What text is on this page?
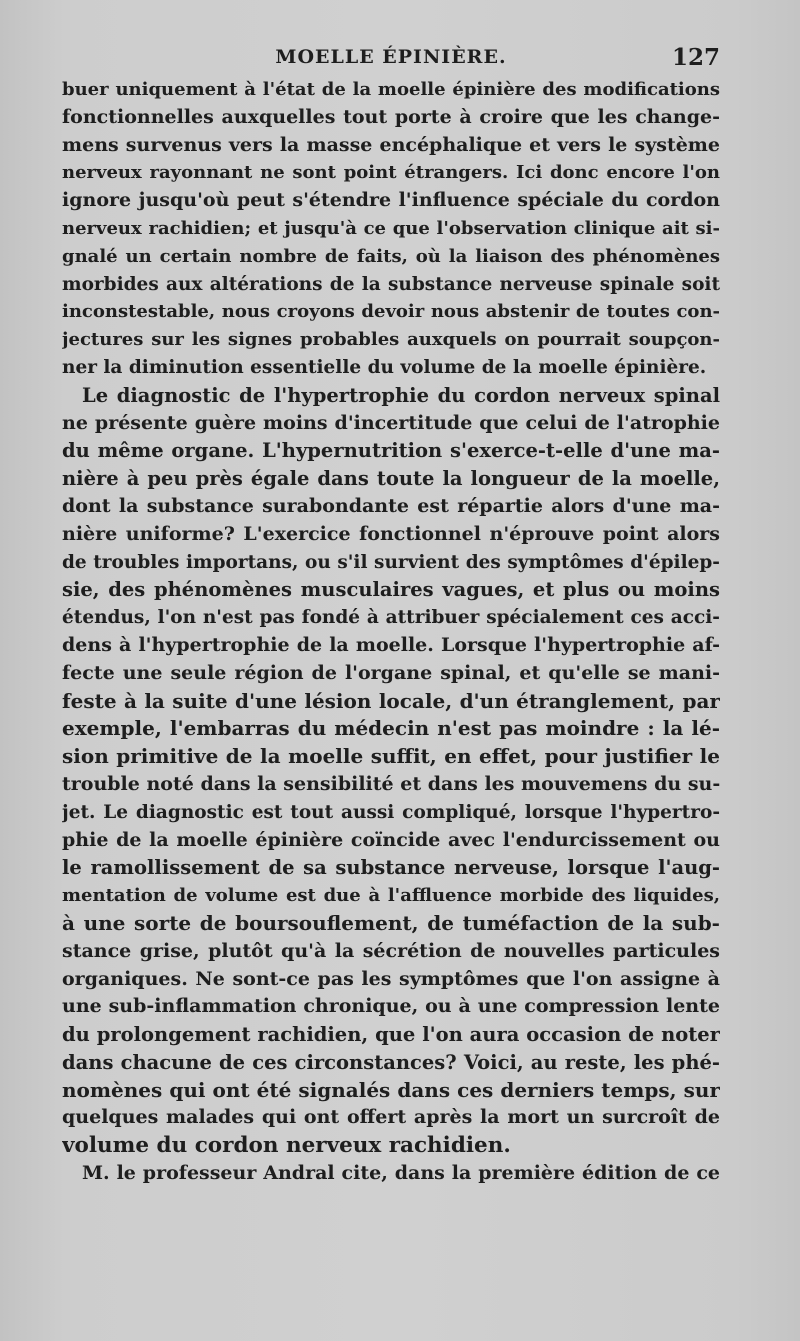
MOELLE ÉPINIÈRE.	127
buer uniquement à l'état de la moelle épinière des modifications
fonctionnelles auxquelles tout porte à croire que les change-
mens survenus vers la masse encéphalique et vers le système
nerveux rayonnant ne sont point étrangers. Ici donc encore l'on
ignore jusqu'où peut s'étendre l'influence spéciale du cordon
nerveux rachidien; et jusqu'à ce que l'observation clinique ait si-
gnalé un certain nombre de faits, où la liaison des phénomènes
morbides aux altérations de la substance nerveuse spinale soit
inconstestable, nous croyons devoir nous abstenir de toutes con-
jectures sur les signes probables auxquels on pourrait soupçon-
ner la diminution essentielle du volume de la moelle épinière.
Le diagnostic de l'hypertrophie du cordon nerveux spinal
ne présente guère moins d'incertitude que celui de l'atrophie
du même organe. L'hypernutrition s'exerce-t-elle d'une ma-
nière à peu près égale dans toute la longueur de la moelle,
dont la substance surabondante est répartie alors d'une ma-
nière uniforme? L'exercice fonctionnel n'éprouve point alors
de troubles importans, ou s'il survient des symptômes d'épilep-
sie, des phénomènes musculaires vagues, et plus ou moins
étendus, l'on n'est pas fondé à attribuer spécialement ces acci-
dens à l'hypertrophie de la moelle. Lorsque l'hypertrophie af-
fecte une seule région de l'organe spinal, et qu'elle se mani-
feste à la suite d'une lésion locale, d'un étranglement, par
exemple, l'embarras du médecin n'est pas moindre : la lé-
sion primitive de la moelle suffit, en effet, pour justifier le
trouble noté dans la sensibilité et dans les mouvemens du su-
jet. Le diagnostic est tout aussi compliqué, lorsque l'hypertro-
phie de la moelle épinière coïncide avec l'endurcissement ou
le ramollissement de sa substance nerveuse, lorsque l'aug-
mentation de volume est due à l'affluence morbide des liquides,
à une sorte de boursouflement, de tuméfaction de la sub-
stance grise, plutôt qu'à la sécrétion de nouvelles particules
organiques. Ne sont-ce pas les symptômes que l'on assigne à
une sub-inflammation chronique, ou à une compression lente
du prolongement rachidien, que l'on aura occasion de noter
dans chacune de ces circonstances? Voici, au reste, les phé-
nomènes qui ont été signalés dans ces derniers temps, sur
quelques malades qui ont offert après la mort un surcroît de
volume du cordon nerveux rachidien.
M. le professeur Andral cite, dans la première édition de ce
